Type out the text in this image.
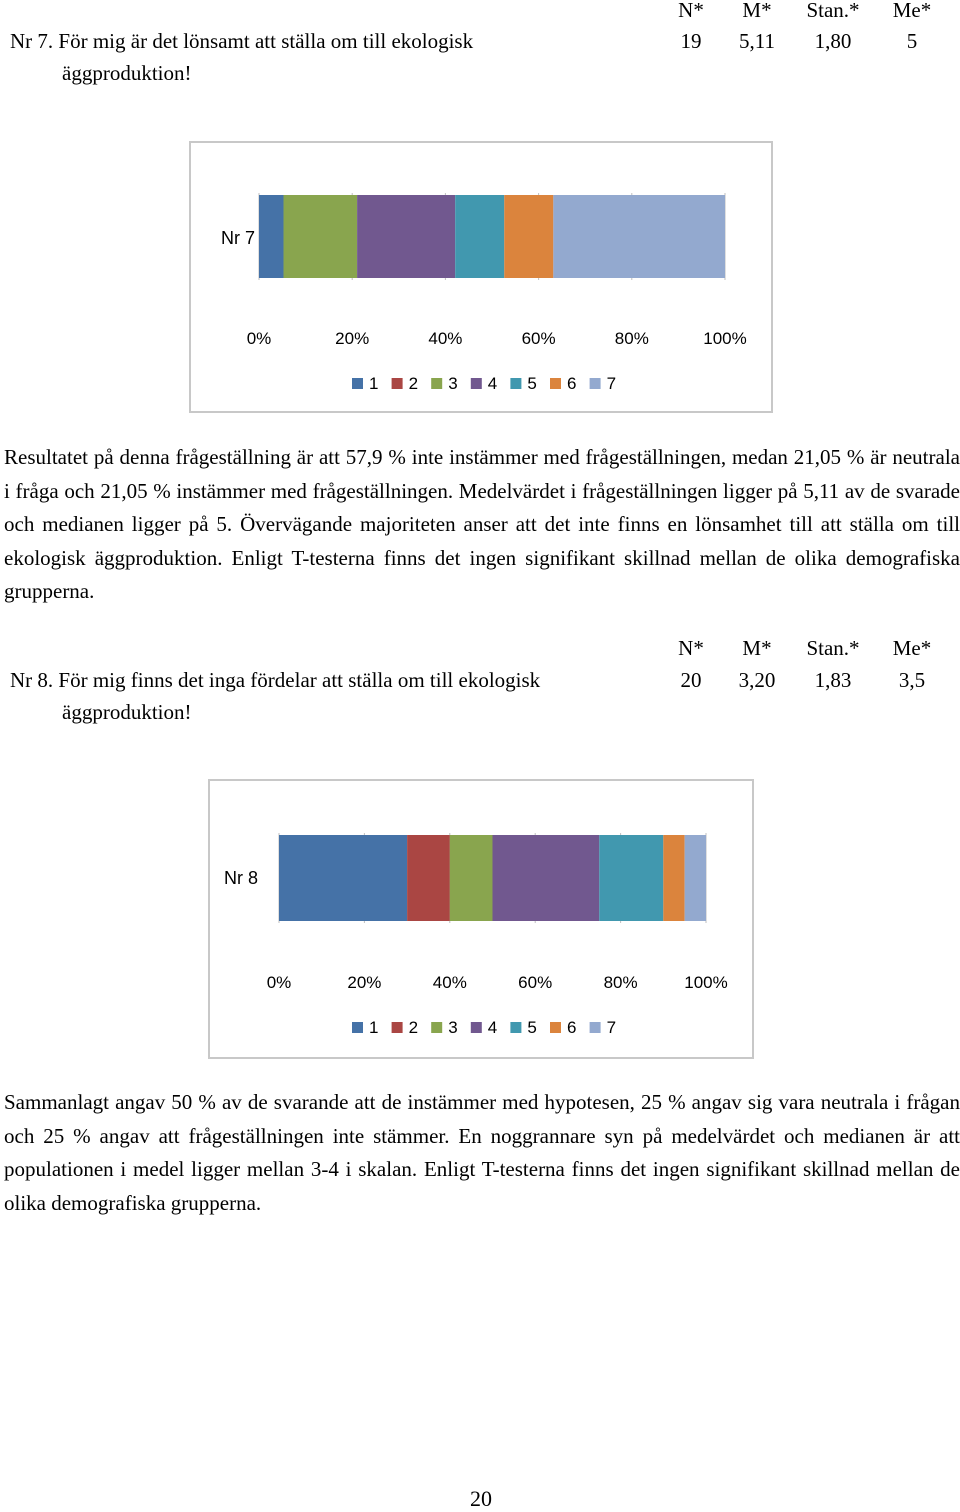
N*	M*	Stan.*	Me*
Nr 7. För mig är det lönsamt att ställa om till ekologisk
äggproduktion!
19	5,11	1,80	5
0%	20%	40%	60%	80%	100%
Nr 7
1 2 3 4 5 6 7
Resultatet på denna frågeställning är att 57,9 % inte instämmer med frågeställningen, medan 21,05 % är neutrala i fråga och 21,05 % instämmer med frågeställningen. Medelvärdet i frågeställningen ligger på 5,11 av de svarade och medianen ligger på 5. Övervägande majoriteten anser att det inte finns en lönsamhet till att ställa om till ekologisk äggproduktion. Enligt T-testerna finns det ingen signifikant skillnad mellan de olika demografiska grupperna.
N*	M*	Stan.*	Me*
Nr 8. För mig finns det inga fördelar att ställa om till ekologisk
äggproduktion!
20	3,20	1,83	3,5
0%	20%	40%	60%	80%	100%
Nr 8
1 2 3 4 5 6 7
Sammanlagt angav 50 % av de svarande att de instämmer med hypotesen, 25 % angav sig vara neutrala i frågan och 25 % angav att frågeställningen inte stämmer. En noggrannare syn på medelvärdet och medianen är att populationen i medel ligger mellan 3-4 i skalan. Enligt T-testerna finns det ingen signifikant skillnad mellan de olika demografiska grupperna.
20
